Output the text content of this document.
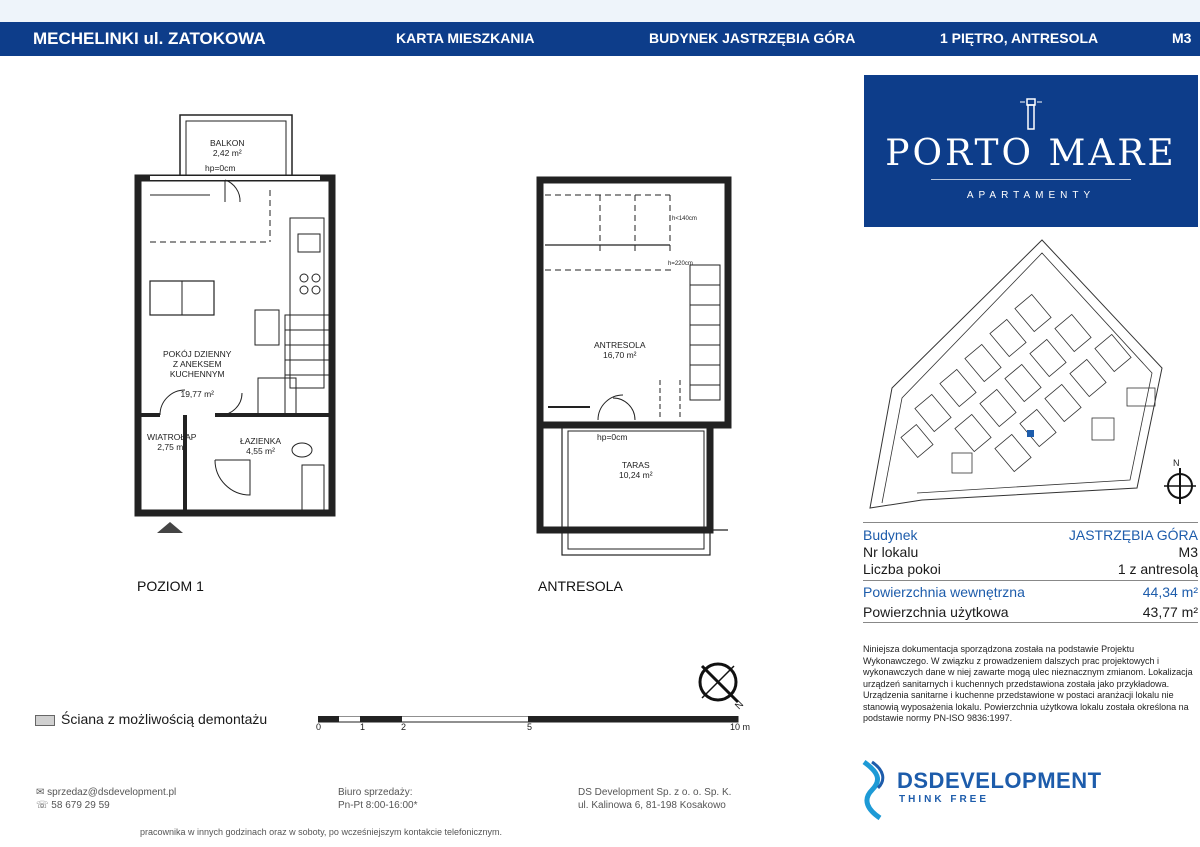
MECHELINKI ul. ZATOKOWA	KARTA MIESZKANIA	BUDYNEK JASTRZĘBIA GÓRA	1 PIĘTRO, ANTRESOLA	M3
BALKON
2,42 m²
hp=0cm

POKÓJ DZIENNY
Z ANEKSEM
KUCHENNYM

19,77 m²

WIATROŁAP
2,75 m²
ŁAZIENKA
4,55 m²
POZIOM 1
h<140cm
h=220cm
ANTRESOLA
16,70 m²
hp=0cm
TARAS
10,24 m²
ANTRESOLA
PORTO MARE
APARTAMENTY
N
Budynek	JASTRZĘBIA GÓRA
Nr lokalu	M3
Liczba pokoi	1 z antresolą
Powierzchnia wewnętrzna	44,34 m²
Powierzchnia użytkowa	43,77 m²
Niniejsza dokumentacja sporządzona została na podstawie Projektu Wykonawczego. W związku z prowadzeniem dalszych prac projektowych i wykonawczych dane w niej zawarte mogą ulec nieznacznym zmianom. Lokalizacja urządzeń sanitarnych i kuchennych przedstawiona została jako przykładowa. Urządzenia sanitarne i kuchenne przedstawione w postaci aranżacji lokalu nie stanowią wyposażenia lokalu. Powierzchnia użytkowa lokalu została określona na podstawie normy PN-ISO 9836:1997.
Ściana z możliwością demontażu	0	1	2	5	10 m
N
✉ sprzedaz@dsdevelopment.pl
☏ 58 679 29 59
Biuro sprzedaży:
Pn-Pt 8:00-16:00*
DS Development Sp. z o. o. Sp. K.
ul. Kalinowa 6, 81-198 Kosakowo
pracownika w innych godzinach oraz w soboty, po wcześniejszym kontakcie telefonicznym.
DSDEVELOPMENT
THINK FREE
